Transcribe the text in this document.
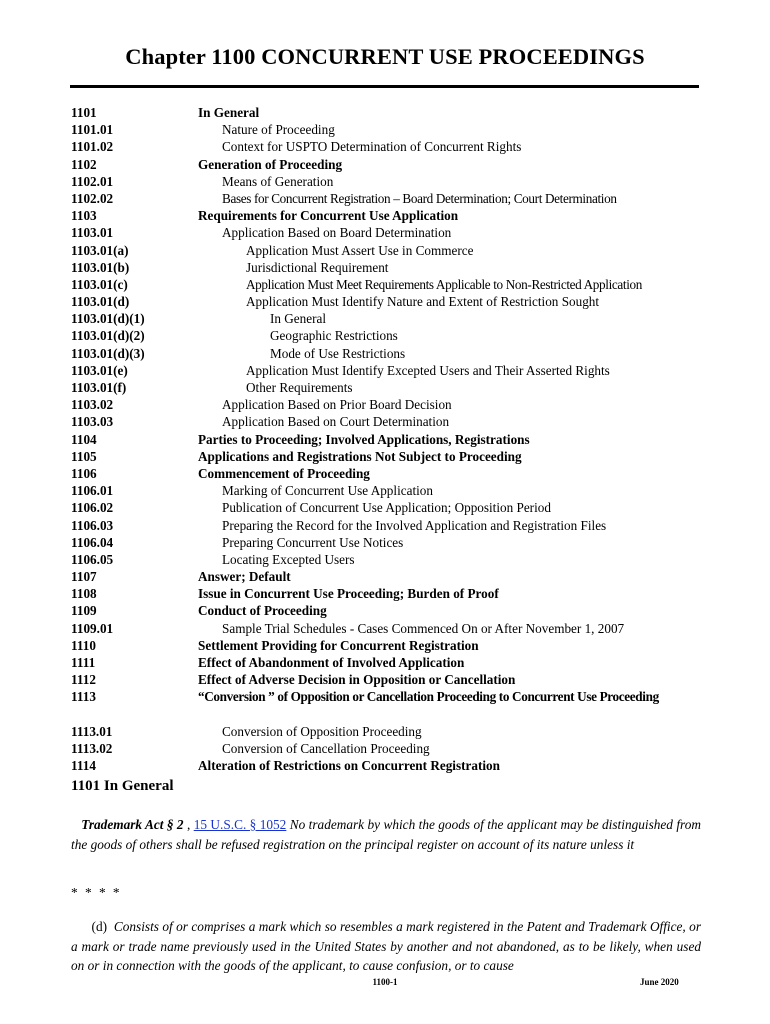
Chapter 1100 CONCURRENT USE PROCEEDINGS
1101	In General
1101.01	Nature of Proceeding
1101.02	Context for USPTO Determination of Concurrent Rights
1102	Generation of Proceeding
1102.01	Means of Generation
1102.02	Bases for Concurrent Registration – Board Determination; Court Determination
1103	Requirements for Concurrent Use Application
1103.01	Application Based on Board Determination
1103.01(a)	Application Must Assert Use in Commerce
1103.01(b)	Jurisdictional Requirement
1103.01(c)	Application Must Meet Requirements Applicable to Non-Restricted Application
1103.01(d)	Application Must Identify Nature and Extent of Restriction Sought
1103.01(d)(1)	In General
1103.01(d)(2)	Geographic Restrictions
1103.01(d)(3)	Mode of Use Restrictions
1103.01(e)	Application Must Identify Excepted Users and Their Asserted Rights
1103.01(f)	Other Requirements
1103.02	Application Based on Prior Board Decision
1103.03	Application Based on Court Determination
1104	Parties to Proceeding; Involved Applications, Registrations
1105	Applications and Registrations Not Subject to Proceeding
1106	Commencement of Proceeding
1106.01	Marking of Concurrent Use Application
1106.02	Publication of Concurrent Use Application; Opposition Period
1106.03	Preparing the Record for the Involved Application and Registration Files
1106.04	Preparing Concurrent Use Notices
1106.05	Locating Excepted Users
1107	Answer; Default
1108	Issue in Concurrent Use Proceeding; Burden of Proof
1109	Conduct of Proceeding
1109.01	Sample Trial Schedules - Cases Commenced On or After November 1, 2007
1110	Settlement Providing for Concurrent Registration
1111	Effect of Abandonment of Involved Application
1112	Effect of Adverse Decision in Opposition or Cancellation
1113	“Conversion ” of Opposition or Cancellation Proceeding to Concurrent Use Proceeding
1113.01	Conversion of Opposition Proceeding
1113.02	Conversion of Cancellation Proceeding
1114	Alteration of Restrictions on Concurrent Registration
1101 In General
Trademark Act § 2 , 15 U.S.C. § 1052 No trademark by which the goods of the applicant may be distinguished from the goods of others shall be refused registration on the principal register on account of its nature unless it
* * * *
(d) Consists of or comprises a mark which so resembles a mark registered in the Patent and Trademark Office, or a mark or trade name previously used in the United States by another and not abandoned, as to be likely, when used on or in connection with the goods of the applicant, to cause confusion, or to cause
1100-1	June 2020
